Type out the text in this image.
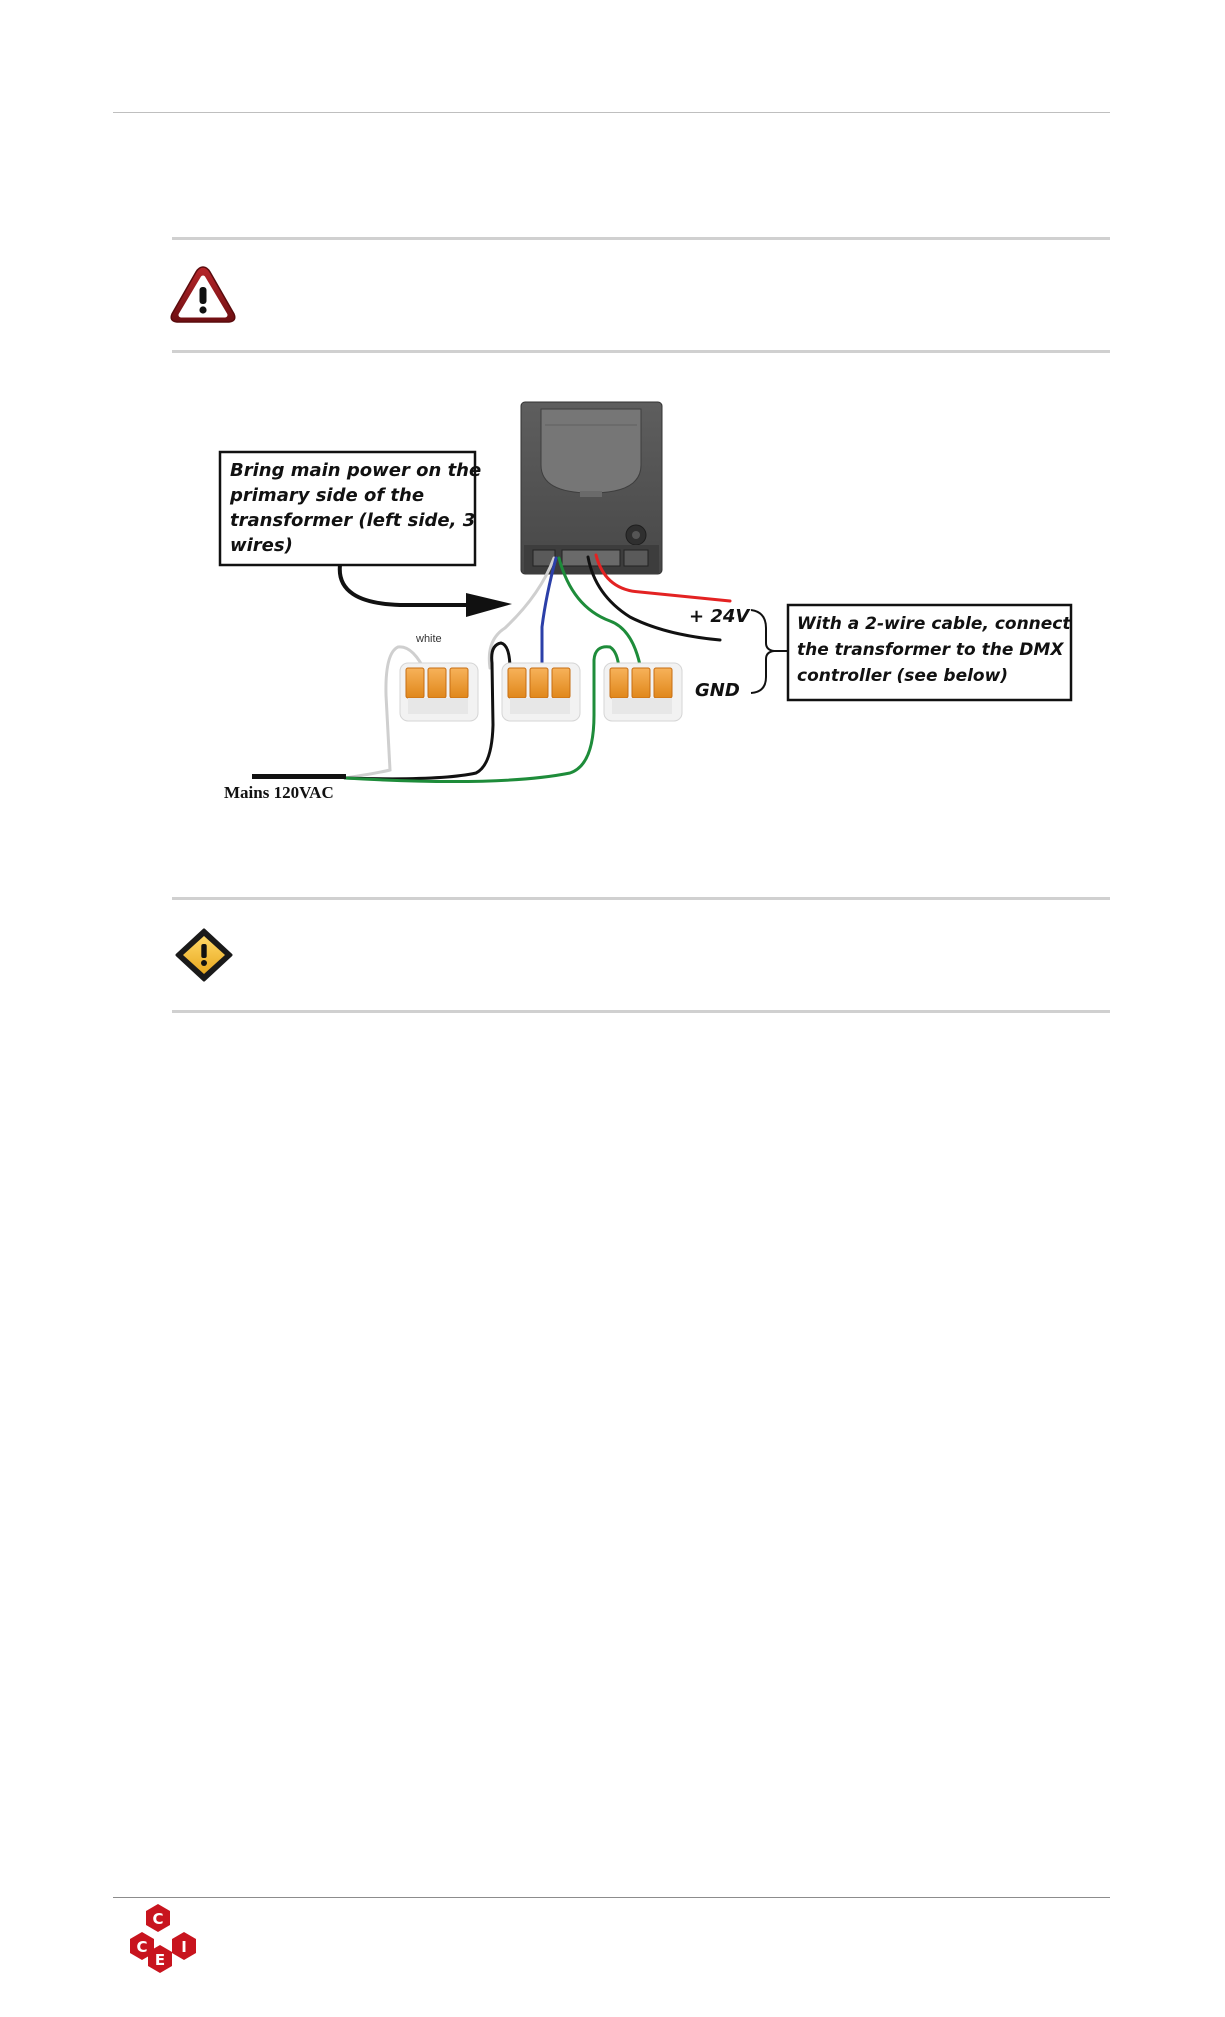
Bring main power on the primary side of the transformer (left side, 3 wires)
+ 24V
GND
With a 2-wire cable, connect the transformer to the DMX controller (see below)
white
Mains 120VAC
C
C
E
I
